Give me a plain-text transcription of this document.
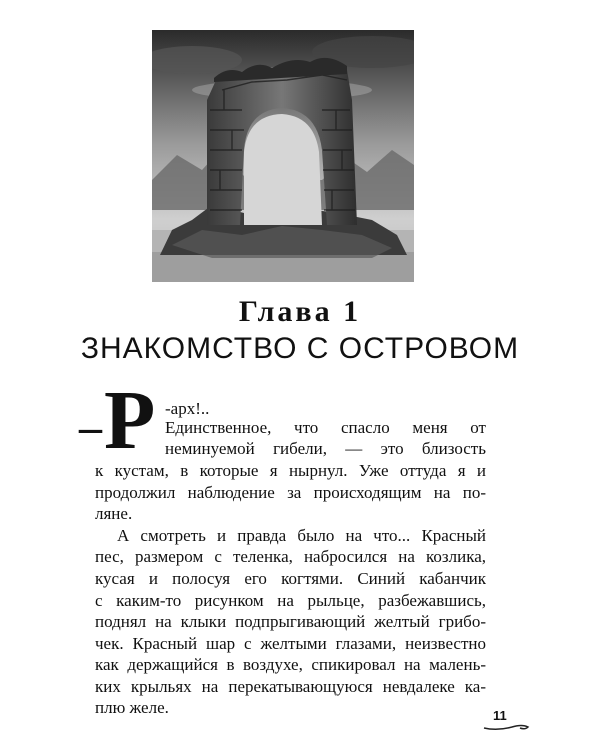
Глава 1
ЗНАКОМСТВО С ОСТРОВОМ
– Р -арх!..
Единственное, что спасло меня от
неминуемой гибели, — это близость
к кустам, в которые я нырнул. Уже оттуда я и
продолжил наблюдение за происходящим на по-
ляне.
А смотреть и правда было на что... Красный
пес, размером с теленка, набросился на козлика,
кусая и полосуя его когтями. Синий кабанчик
с каким-то рисунком на рыльце, разбежавшись,
поднял на клыки подпрыгивающий желтый грибо-
чек. Красный шар с желтыми глазами, неизвестно
как держащийся в воздухе, спикировал на малень-
ких крыльях на перекатывающуюся невдалеке ка-
плю желе.	11
